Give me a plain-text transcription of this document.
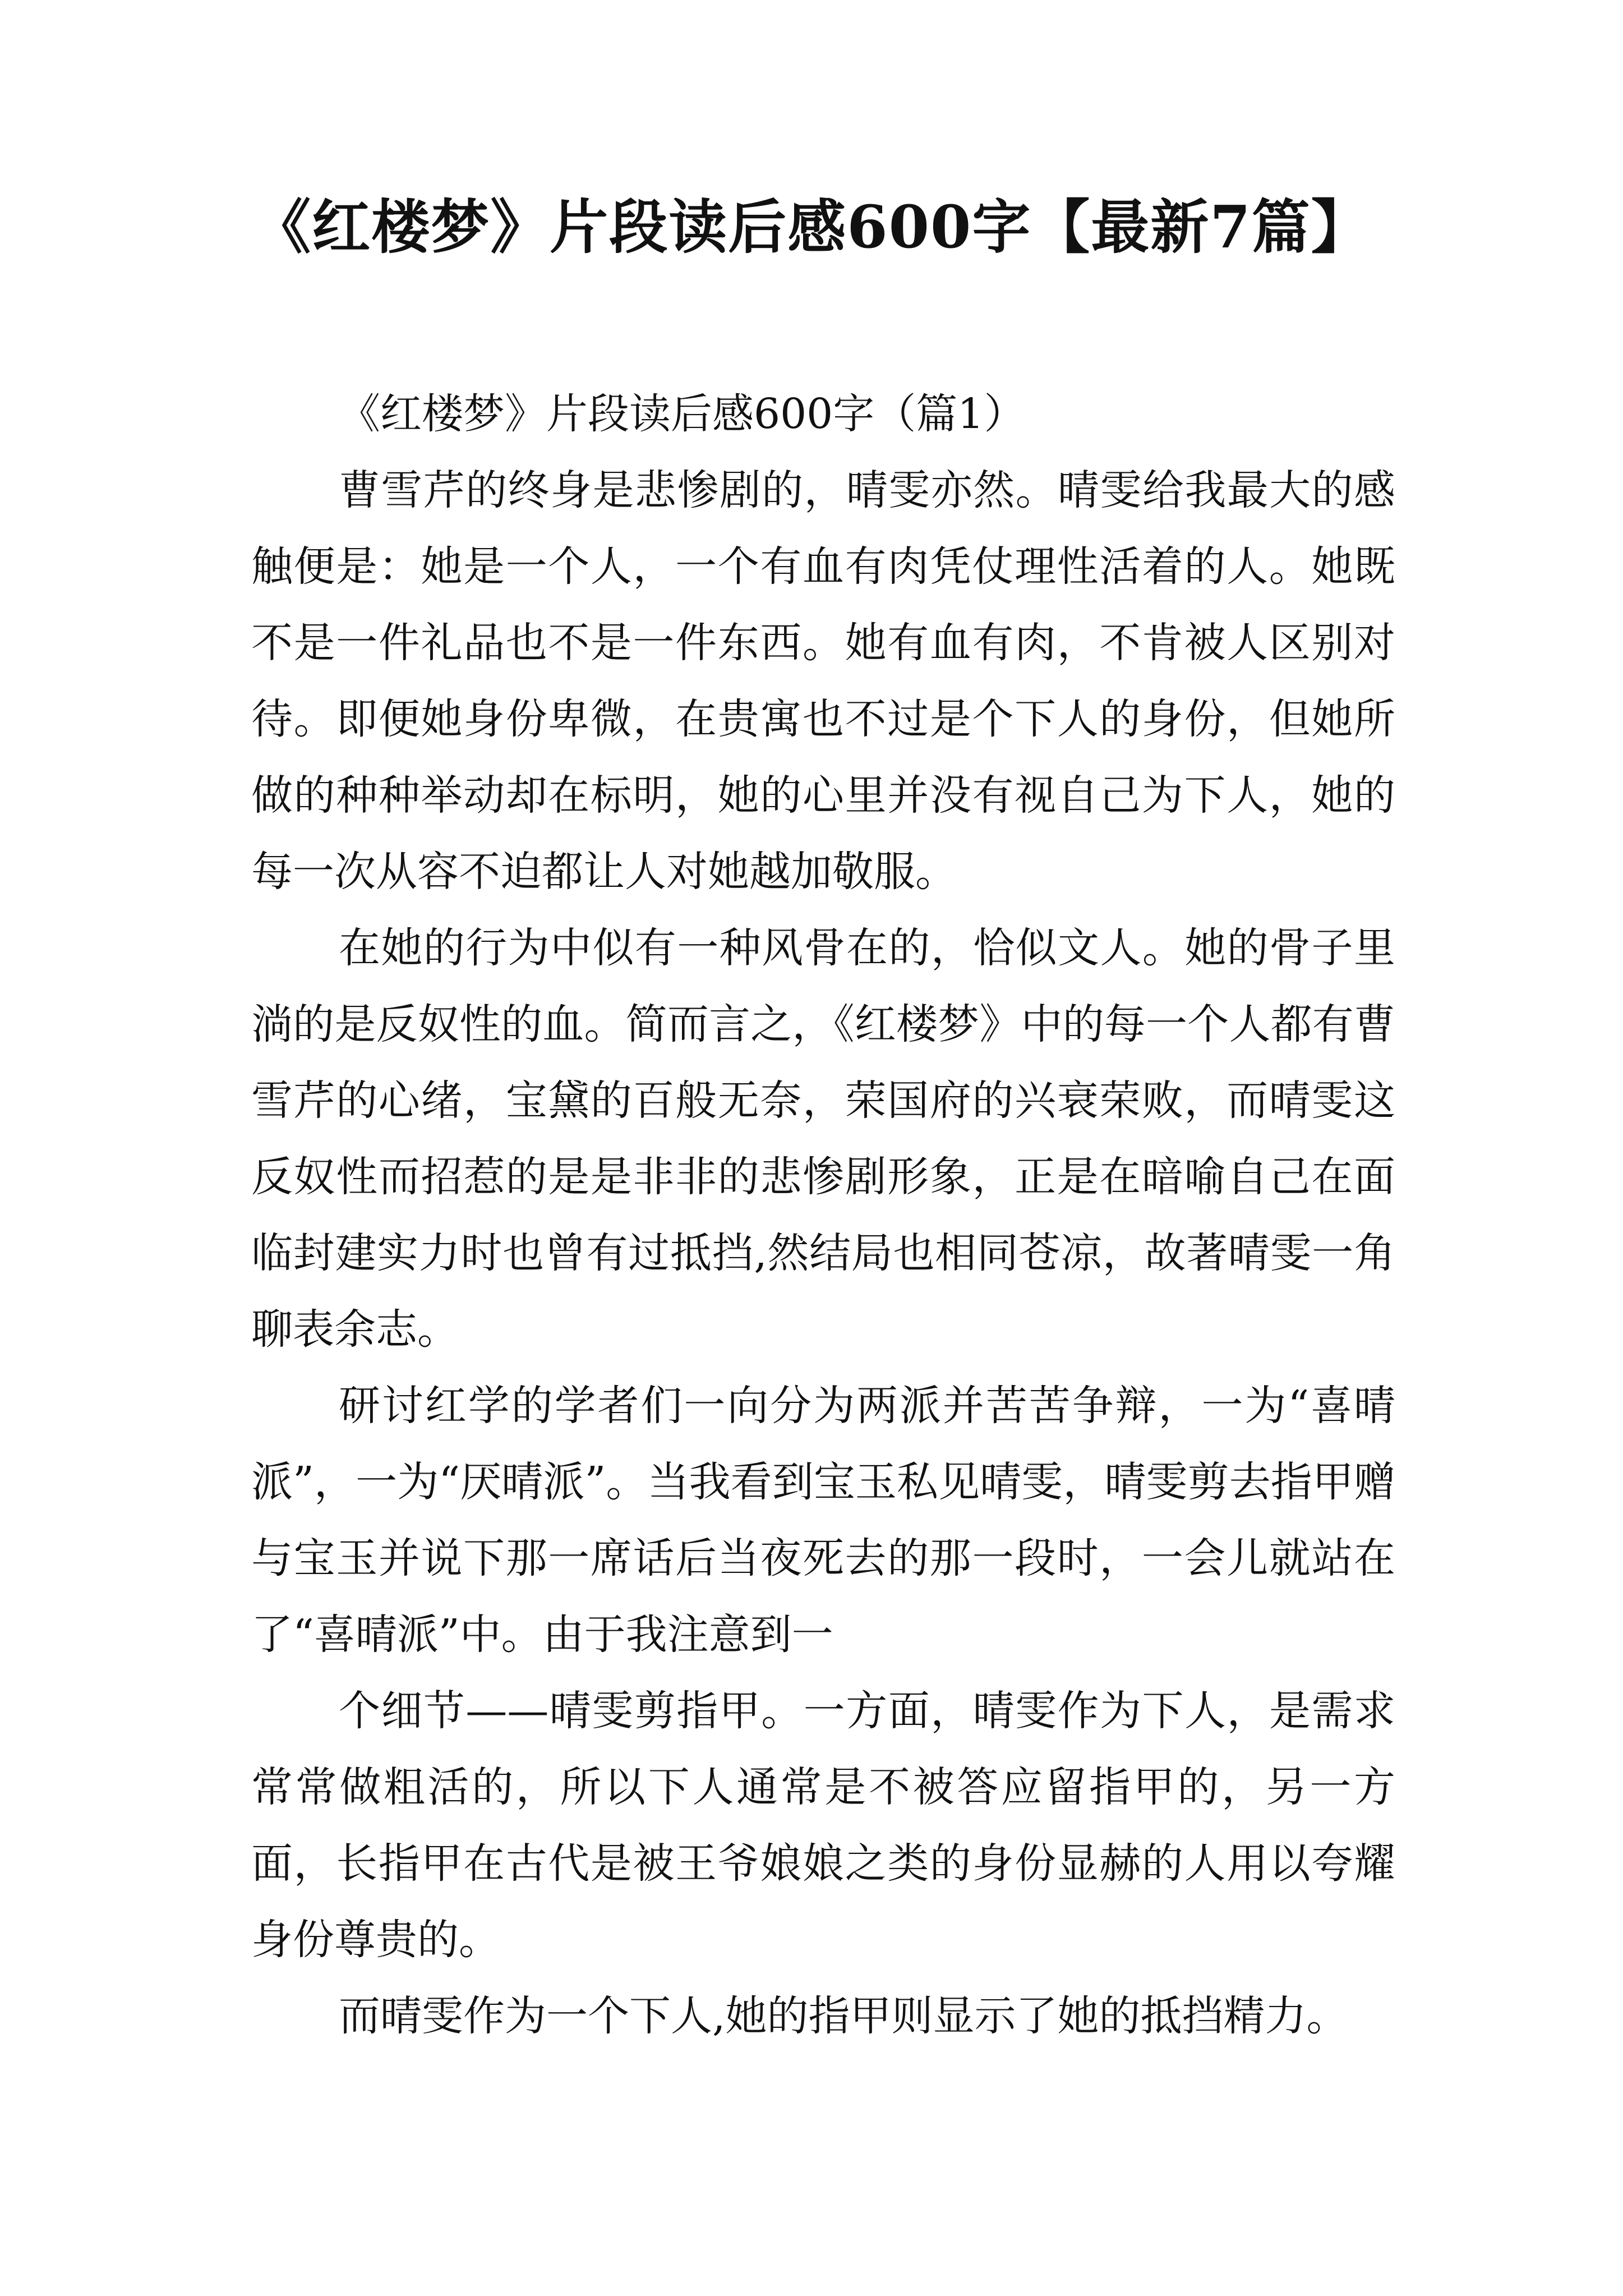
《红楼梦》片段读后感600字【最新7篇】

《红楼梦》片段读后感600字（篇1）

曹雪芹的终身是悲惨剧的，晴雯亦然。晴雯给我最大的感触便是：她是一个人，一个有血有肉凭仗理性活着的人。她既不是一件礼品也不是一件东西。她有血有肉，不肯被人区别对待。即便她身份卑微，在贵寓也不过是个下人的身份，但她所做的种种举动却在标明，她的心里并没有视自己为下人，她的每一次从容不迫都让人对她越加敬服。

在她的行为中似有一种风骨在的，恰似文人。她的骨子里淌的是反奴性的血。简而言之，《红楼梦》中的每一个人都有曹雪芹的心绪，宝黛的百般无奈，荣国府的兴衰荣败，而晴雯这反奴性而招惹的是是非非的悲惨剧形象，正是在暗喻自己在面临封建实力时也曾有过抵挡,然结局也相同苍凉，故著晴雯一角聊表余志。

研讨红学的学者们一向分为两派并苦苦争辩，一为“喜晴派”，一为“厌晴派”。当我看到宝玉私见晴雯，晴雯剪去指甲赠与宝玉并说下那一席话后当夜死去的那一段时，一会儿就站在了“喜晴派”中。由于我注意到一

个细节——晴雯剪指甲。一方面，晴雯作为下人，是需求常常做粗活的，所以下人通常是不被答应留指甲的，另一方面，长指甲在古代是被王爷娘娘之类的身份显赫的人用以夸耀身份尊贵的。

而晴雯作为一个下人,她的指甲则显示了她的抵挡精力。
